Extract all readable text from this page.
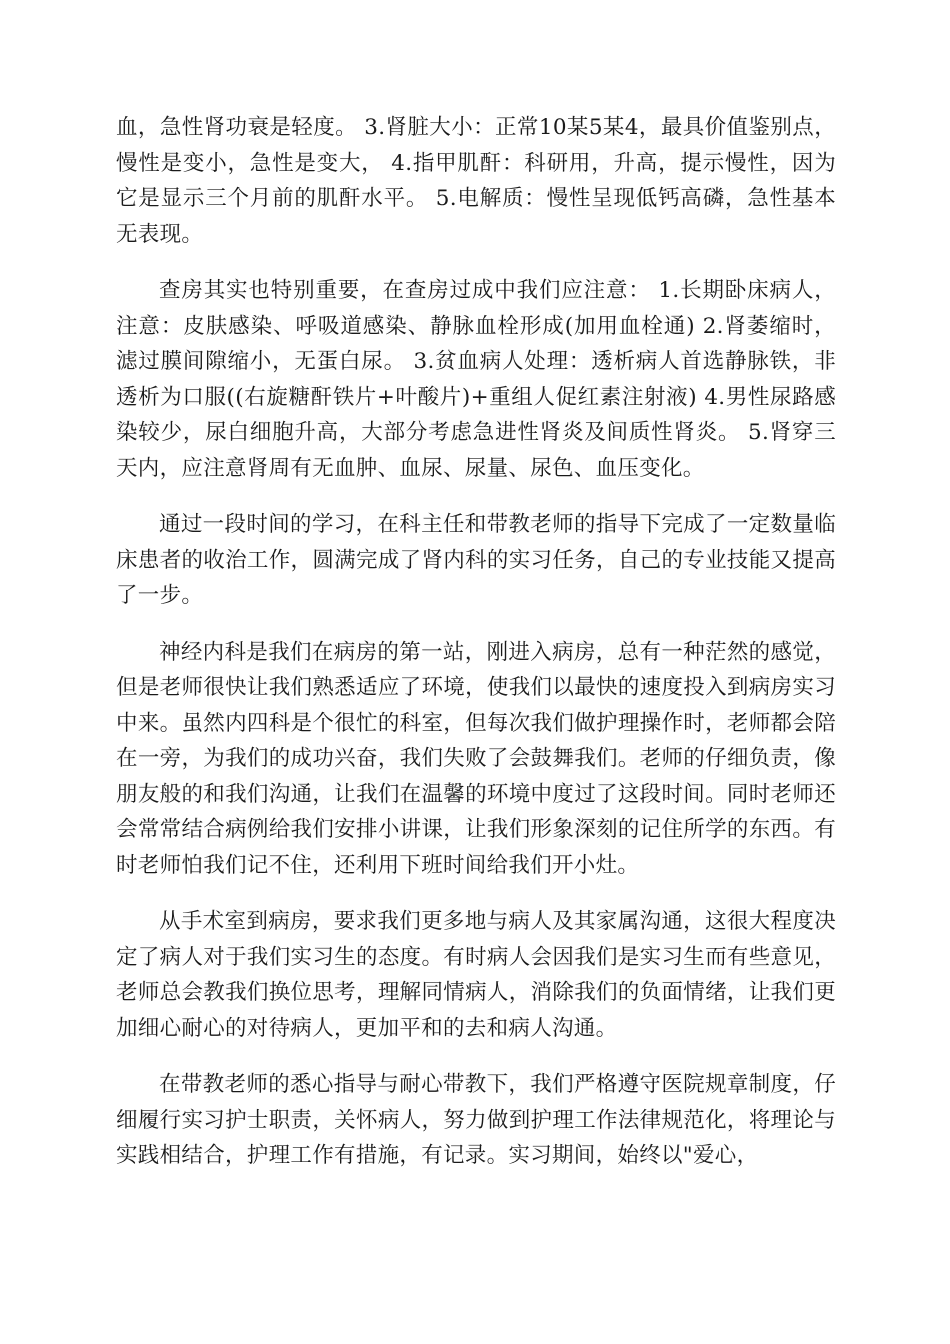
血，急性肾功衰是轻度。 3.肾脏大小：正常10某5某4，最具价值鉴别点，慢性是变小，急性是变大， 4.指甲肌酐：科研用，升高，提示慢性，因为它是显示三个月前的肌酐水平。 5.电解质：慢性呈现低钙高磷，急性基本无表现。

查房其实也特别重要，在查房过成中我们应注意： 1.长期卧床病人，注意：皮肤感染、呼吸道感染、静脉血栓形成(加用血栓通) 2.肾萎缩时，滤过膜间隙缩小，无蛋白尿。 3.贫血病人处理：透析病人首选静脉铁，非透析为口服((右旋糖酐铁片+叶酸片)+重组人促红素注射液) 4.男性尿路感染较少，尿白细胞升高，大部分考虑急进性肾炎及间质性肾炎。 5.肾穿三天内，应注意肾周有无血肿、血尿、尿量、尿色、血压变化。

通过一段时间的学习，在科主任和带教老师的指导下完成了一定数量临床患者的收治工作，圆满完成了肾内科的实习任务，自己的专业技能又提高了一步。

神经内科是我们在病房的第一站，刚进入病房，总有一种茫然的感觉，但是老师很快让我们熟悉适应了环境，使我们以最快的速度投入到病房实习中来。虽然内四科是个很忙的科室，但每次我们做护理操作时，老师都会陪在一旁，为我们的成功兴奋，我们失败了会鼓舞我们。老师的仔细负责，像朋友般的和我们沟通，让我们在温馨的环境中度过了这段时间。同时老师还会常常结合病例给我们安排小讲课，让我们形象深刻的记住所学的东西。有时老师怕我们记不住，还利用下班时间给我们开小灶。

从手术室到病房，要求我们更多地与病人及其家属沟通，这很大程度决定了病人对于我们实习生的态度。有时病人会因我们是实习生而有些意见，老师总会教我们换位思考，理解同情病人，消除我们的负面情绪，让我们更加细心耐心的对待病人，更加平和的去和病人沟通。

在带教老师的悉心指导与耐心带教下，我们严格遵守医院规章制度，仔细履行实习护士职责，关怀病人，努力做到护理工作法律规范化，将理论与实践相结合，护理工作有措施，有记录。实习期间，始终以"爱心，
